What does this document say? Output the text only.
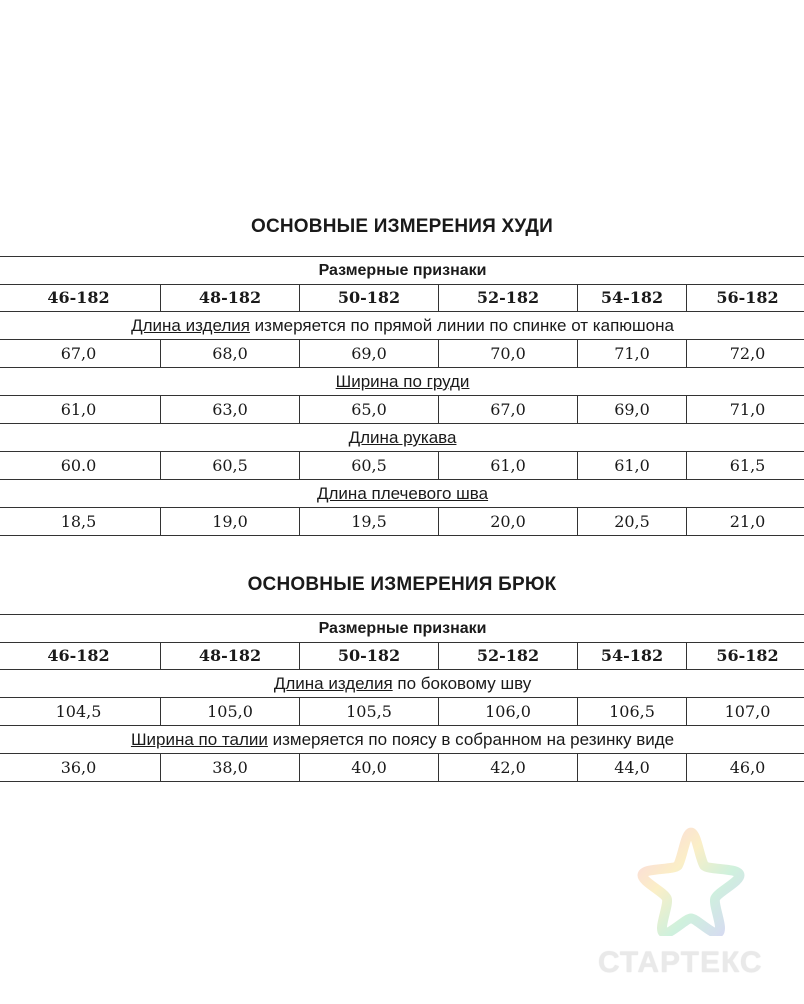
ОСНОВНЫЕ ИЗМЕРЕНИЯ ХУДИ
Размерные признаки					
46-182	48-182	50-182	52-182	54-182	56-182
Длина изделия измеряется по прямой линии по спинке от капюшона					
67,0	68,0	69,0	70,0	71,0	72,0
Ширина по груди					
61,0	63,0	65,0	67,0	69,0	71,0
Длина рукава					
60.0	60,5	60,5	61,0	61,0	61,5
Длина плечевого шва					
18,5	19,0	19,5	20,0	20,5	21,0
ОСНОВНЫЕ ИЗМЕРЕНИЯ БРЮК
Размерные признаки					
46-182	48-182	50-182	52-182	54-182	56-182
Длина изделия по боковому шву					
104,5	105,0	105,5	106,0	106,5	107,0
Ширина по талии измеряется по поясу в собранном на резинку виде					
36,0	38,0	40,0	42,0	44,0	46,0
СТАРТЕКС
